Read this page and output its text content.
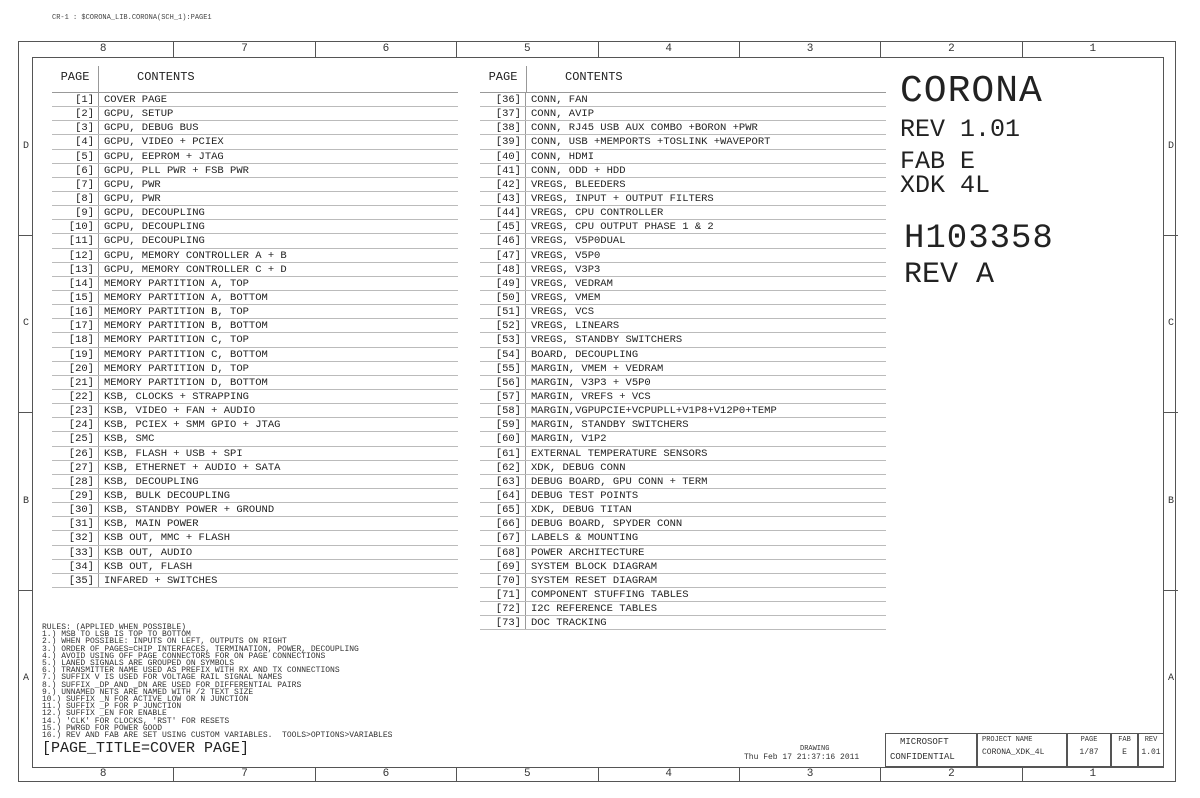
CR-1 : $CORONA_LIB.CORONA(SCH_1):PAGE1
8	7	6	5	4	3	2	1
8	7	6	5	4	3	2	1
D
C
B
A
D
C
B
A
PAGE	CONTENTS
[1] COVER PAGE
[2] GCPU, SETUP
[3] GCPU, DEBUG BUS
[4] GCPU, VIDEO + PCIEX
[5] GCPU, EEPROM + JTAG
[6] GCPU, PLL PWR + FSB PWR
[7] GCPU, PWR
[8] GCPU, PWR
[9] GCPU, DECOUPLING
[10] GCPU, DECOUPLING
[11] GCPU, DECOUPLING
[12] GCPU, MEMORY CONTROLLER A + B
[13] GCPU, MEMORY CONTROLLER C + D
[14] MEMORY PARTITION A, TOP
[15] MEMORY PARTITION A, BOTTOM
[16] MEMORY PARTITION B, TOP
[17] MEMORY PARTITION B, BOTTOM
[18] MEMORY PARTITION C, TOP
[19] MEMORY PARTITION C, BOTTOM
[20] MEMORY PARTITION D, TOP
[21] MEMORY PARTITION D, BOTTOM
[22] KSB, CLOCKS + STRAPPING
[23] KSB, VIDEO + FAN + AUDIO
[24] KSB, PCIEX + SMM GPIO + JTAG
[25] KSB, SMC
[26] KSB, FLASH + USB + SPI
[27] KSB, ETHERNET + AUDIO + SATA
[28] KSB, DECOUPLING
[29] KSB, BULK DECOUPLING
[30] KSB, STANDBY POWER + GROUND
[31] KSB, MAIN POWER
[32] KSB OUT, MMC + FLASH
[33] KSB OUT, AUDIO
[34] KSB OUT, FLASH
[35] INFARED + SWITCHES
PAGE	CONTENTS
[36] CONN, FAN
[37] CONN, AVIP
[38] CONN, RJ45 USB AUX COMBO +BORON +PWR
[39] CONN, USB +MEMPORTS +TOSLINK +WAVEPORT
[40] CONN, HDMI
[41] CONN, ODD + HDD
[42] VREGS, BLEEDERS
[43] VREGS, INPUT + OUTPUT FILTERS
[44] VREGS, CPU CONTROLLER
[45] VREGS, CPU OUTPUT PHASE 1 & 2
[46] VREGS, V5P0DUAL
[47] VREGS, V5P0
[48] VREGS, V3P3
[49] VREGS, VEDRAM
[50] VREGS, VMEM
[51] VREGS, VCS
[52] VREGS, LINEARS
[53] VREGS, STANDBY SWITCHERS
[54] BOARD, DECOUPLING
[55] MARGIN, VMEM + VEDRAM
[56] MARGIN, V3P3 + V5P0
[57] MARGIN, VREFS + VCS
[58] MARGIN,VGPUPCIE+VCPUPLL+V1P8+V12P0+TEMP
[59] MARGIN, STANDBY SWITCHERS
[60] MARGIN, V1P2
[61] EXTERNAL TEMPERATURE SENSORS
[62] XDK, DEBUG CONN
[63] DEBUG BOARD, GPU CONN + TERM
[64] DEBUG TEST POINTS
[65] XDK, DEBUG TITAN
[66] DEBUG BOARD, SPYDER CONN
[67] LABELS & MOUNTING
[68] POWER ARCHITECTURE
[69] SYSTEM BLOCK DIAGRAM
[70] SYSTEM RESET DIAGRAM
[71] COMPONENT STUFFING TABLES
[72] I2C REFERENCE TABLES
[73] DOC TRACKING
CORONA
REV 1.01
FAB E
XDK 4L
H103358
REV A
RULES: (APPLIED WHEN POSSIBLE)
1.) MSB TO LSB IS TOP TO BOTTOM
2.) WHEN POSSIBLE: INPUTS ON LEFT, OUTPUTS ON RIGHT
3.) ORDER OF PAGES=CHIP INTERFACES, TERMINATION, POWER, DECOUPLING
4.) AVOID USING OFF PAGE CONNECTORS FOR ON PAGE CONNECTIONS
5.) LANED SIGNALS ARE GROUPED ON SYMBOLS
6.) TRANSMITTER NAME USED AS PREFIX WITH RX AND TX CONNECTIONS
7.) SUFFIX V IS USED FOR VOLTAGE RAIL SIGNAL NAMES
8.) SUFFIX _DP AND _DN ARE USED FOR DIFFERENTIAL PAIRS
9.) UNNAMED NETS ARE NAMED WITH /2 TEXT SIZE
10.) SUFFIX _N FOR ACTIVE LOW OR N JUNCTION
11.) SUFFIX _P FOR P JUNCTION
12.) SUFFIX _EN FOR ENABLE
14.) 'CLK' FOR CLOCKS, 'RST' FOR RESETS
15.) PWRGD FOR POWER GOOD
16.) REV AND FAB ARE SET USING CUSTOM VARIABLES.  TOOLS>OPTIONS>VARIABLES
[PAGE_TITLE=COVER PAGE]	DRAWING
Thu Feb 17 21:37:16 2011
MICROSOFT
CONFIDENTIAL
PROJECT NAME
CORONA_XDK_4L
PAGE
1/87
FAB
E
REV
1.01
